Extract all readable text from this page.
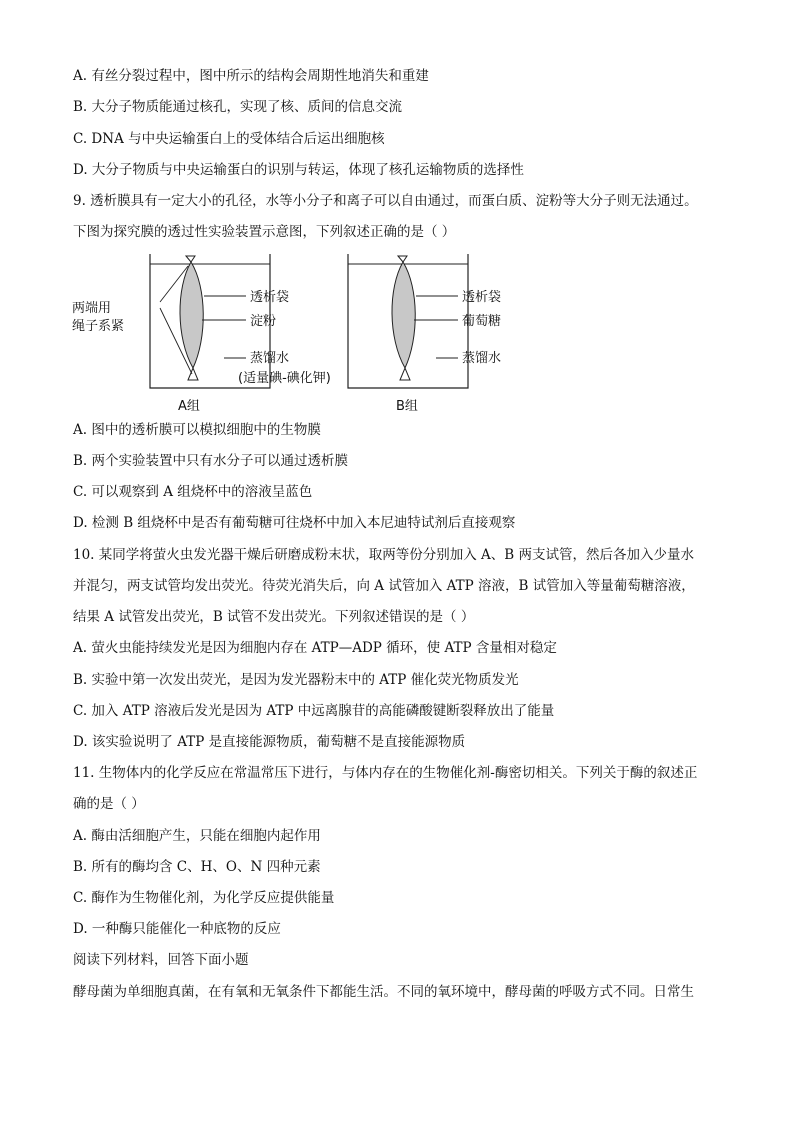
A. 有丝分裂过程中，图中所示的结构会周期性地消失和重建
B. 大分子物质能通过核孔，实现了核、质间的信息交流
C. DNA 与中央运输蛋白上的受体结合后运出细胞核
D. 大分子物质与中央运输蛋白的识别与转运，体现了核孔运输物质的选择性
9. 透析膜具有一定大小的孔径，水等小分子和离子可以自由通过，而蛋白质、淀粉等大分子则无法通过。
下图为探究膜的透过性实验装置示意图，下列叙述正确的是（ ）
两端用
绳子系紧
透析袋
淀粉
蒸馏水
(适量碘-碘化钾)
A组
透析袋
葡萄糖
蒸馏水
B组
A. 图中的透析膜可以模拟细胞中的生物膜
B. 两个实验装置中只有水分子可以通过透析膜
C. 可以观察到 A 组烧杯中的溶液呈蓝色
D. 检测 B 组烧杯中是否有葡萄糖可往烧杯中加入本尼迪特试剂后直接观察
10. 某同学将萤火虫发光器干燥后研磨成粉末状，取两等份分别加入 A、B 两支试管，然后各加入少量水
并混匀，两支试管均发出荧光。待荧光消失后，向 A 试管加入 ATP 溶液，B 试管加入等量葡萄糖溶液，
结果 A 试管发出荧光，B 试管不发出荧光。下列叙述错误的是（ ）
A. 萤火虫能持续发光是因为细胞内存在 ATP—ADP 循环，使 ATP 含量相对稳定
B. 实验中第一次发出荧光，是因为发光器粉末中的 ATP 催化荧光物质发光
C. 加入 ATP 溶液后发光是因为 ATP 中远离腺苷的高能磷酸键断裂释放出了能量
D. 该实验说明了 ATP 是直接能源物质，葡萄糖不是直接能源物质
11. 生物体内的化学反应在常温常压下进行，与体内存在的生物催化剂-酶密切相关。下列关于酶的叙述正
确的是（ ）
A. 酶由活细胞产生，只能在细胞内起作用
B. 所有的酶均含 C、H、O、N 四种元素
C. 酶作为生物催化剂，为化学反应提供能量
D. 一种酶只能催化一种底物的反应
阅读下列材料，回答下面小题
酵母菌为单细胞真菌，在有氧和无氧条件下都能生活。不同的氧环境中，酵母菌的呼吸方式不同。日常生
